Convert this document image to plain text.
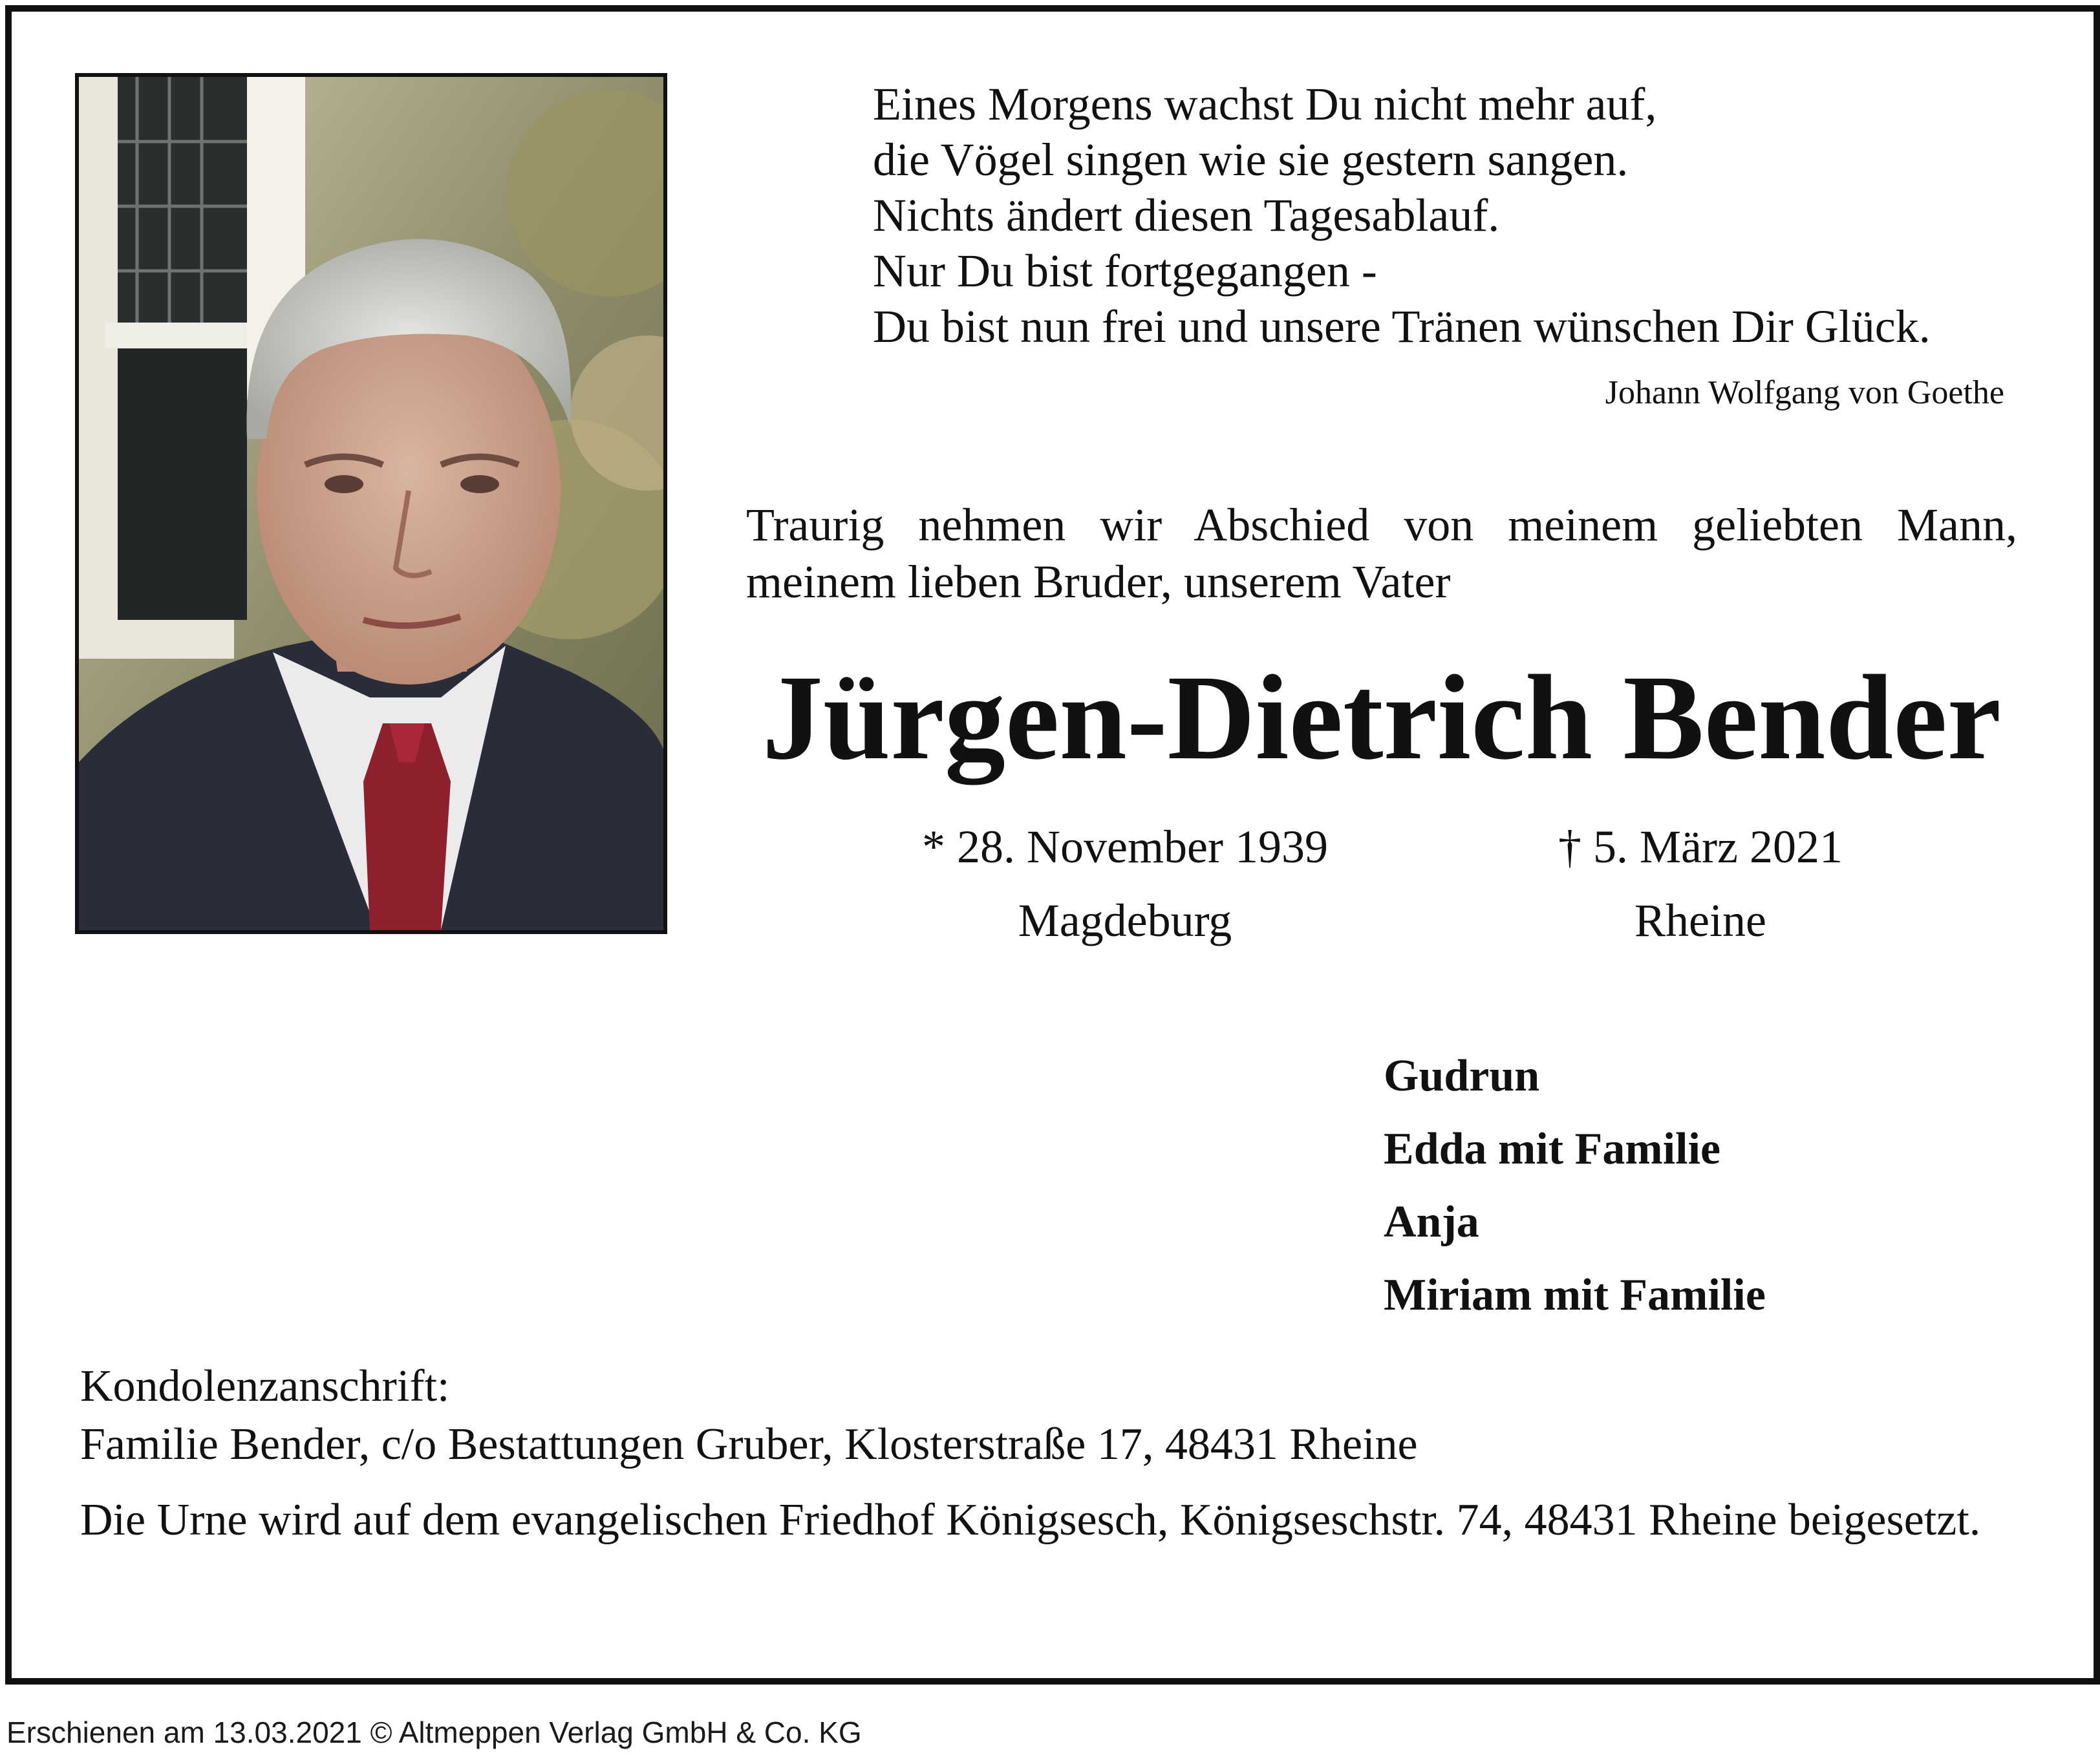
Eines Morgens wachst Du nicht mehr auf,
die Vögel singen wie sie gestern sangen.
Nichts ändert diesen Tagesablauf.
Nur Du bist fortgegangen -
Du bist nun frei und unsere Tränen wünschen Dir Glück.
Johann Wolfgang von Goethe
Traurig nehmen wir Abschied von meinem geliebten Mann,
meinem lieben Bruder, unserem Vater
Jürgen-Dietrich Bender
* 28. November 1939
Magdeburg
† 5. März 2021
Rheine
Gudrun
Edda mit Familie
Anja
Miriam mit Familie
Kondolenzanschrift:
Familie Bender, c/o Bestattungen Gruber, Klosterstraße 17, 48431 Rheine
Die Urne wird auf dem evangelischen Friedhof Königsesch, Königseschstr. 74, 48431 Rheine beigesetzt.
Erschienen am 13.03.2021 © Altmeppen Verlag GmbH & Co. KG
